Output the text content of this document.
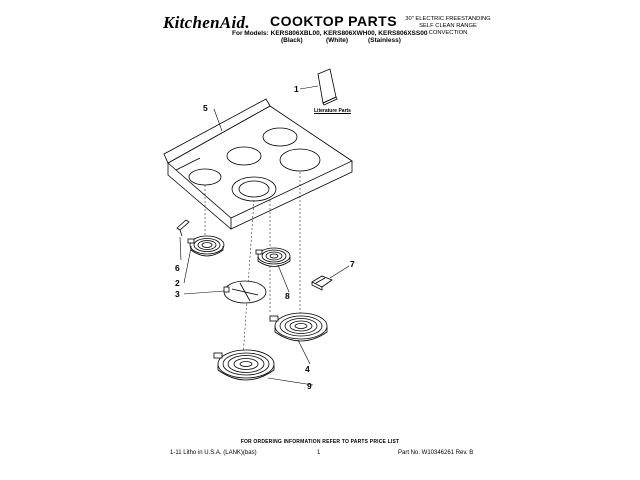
KitchenAid. COOKTOP PARTS	30" ELECTRIC FREESTANDING
SELF CLEAN RANGE
CONVECTION
For Models: KERS806XBL00, KERS806XWH00, KERS806XSS00
(Black)	(White)	(Stainless)
Literature Parts
1
5
6
2
3	8
7
4
9
FOR ORDERING INFORMATION REFER TO PARTS PRICE LIST
1-11 Litho in U.S.A. (LANK)(bas)	1	Part No. W10346261 Rev. B
